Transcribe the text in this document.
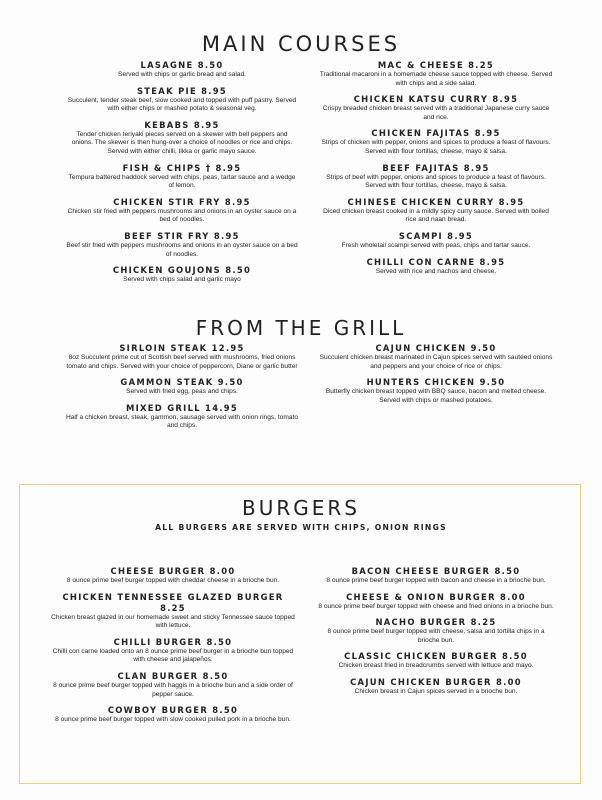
MAIN COURSES
LASAGNE 8.50
Served with chips or garlic bread and salad.
STEAK PIE 8.95
Succulent, tender steak beef, slow cooked and topped with puff pastry. Served with either chips or mashed potato & seasonal veg.
KEBABS 8.95
Tender chicken teriyaki pieces served on a skewer with bell peppers and onions. The skewer is then hung-over a choice of noodles or rice and chips. Served with either chilli, tikka or garlic mayo sauce.
FISH & CHIPS † 8.95
Tempura battered haddock served with chips, peas, tartar sauce and a wedge of lemon.
CHICKEN STIR FRY 8.95
Chicken stir fried with peppers mushrooms and onions in an oyster sauce on a bed of noodles.
BEEF STIR FRY 8.95
Beef stir fried with peppers mushrooms and onions in an oyster sauce on a bed of noodles.
CHICKEN GOUJONS 8.50
Served with chips salad and garlic mayo
MAC & CHEESE 8.25
Traditional macaroni in a homemade cheese sauce topped with cheese. Served with chips and a side salad.
CHICKEN KATSU CURRY 8.95
Crispy breaded chicken breast served with a traditional Japanese curry sauce and rice.
CHICKEN FAJITAS 8.95
Strips of chicken with pepper, onions and spices to produce a feast of flavours. Served with flour tortillas, cheese, mayo & salsa.
BEEF FAJITAS 8.95
Strips of beef with pepper, onions and spices to produce a feast of flavours. Served with flour tortillas, cheese, mayo & salsa.
CHINESE CHICKEN CURRY 8.95
Diced chicken breast cooked in a mildly spicy curry sauce. Served with boiled rice and naan bread.
SCAMPI 8.95
Fresh wholetail scampi served with peas, chips and tartar sauce.
CHILLI CON CARNE 8.95
Served with rice and nachos and cheese.
FROM THE GRILL
SIRLOIN STEAK 12.95
8oz Succulent prime cut of Scottish beef served with mushrooms, fried onions tomato and chips. Served with your choice of peppercorn, Diane or garlic butter
GAMMON STEAK 9.50
Served with fried egg, peas and chips.
MIXED GRILL 14.95
Half a chicken breast, steak, gammon, sausage served with onion rings, tomato and chips.
CAJUN CHICKEN 9.50
Succulent chicken breast marinated in Cajun spices served with sautéed onions and peppers and your choice of rice or chips.
HUNTERS CHICKEN 9.50
Butterfly chicken breast topped with BBQ sauce, bacon and melted cheese. Served with chips or mashed potatoes.
BURGERS
ALL BURGERS ARE SERVED WITH CHIPS, ONION RINGS
CHEESE BURGER 8.00
8 ounce prime beef burger topped with cheddar cheese in a brioche bun.
CHICKEN TENNESSEE GLAZED BURGER 8.25
Chicken breast glazed in our homemade sweet and sticky Tennessee sauce topped with lettuce.
CHILLI BURGER 8.50
Chilli con carne loaded onto an 8 ounce prime beef burger in a brioche bun topped with cheese and jalapeños.
CLAN BURGER 8.50
8 ounce prime beef burger topped with haggis in a brioche bun and a side order of pepper sauce.
COWBOY BURGER 8.50
8 ounce prime beef burger topped with slow cooked pulled pork in a brioche bun.
BACON CHEESE BURGER 8.50
8 ounce prime beef burger topped with bacon and cheese in a brioche bun.
CHEESE & ONION BURGER 8.00
8 ounce prime beef burger topped with cheese and fried onions in a brioche bun.
NACHO BURGER 8.25
8 ounce prime beef burger topped with cheese, salsa and tortilla chips in a brioche bun.
CLASSIC CHICKEN BURGER 8.50
Chicken breast fried in breadcrumbs served with lettuce and mayo.
CAJUN CHICKEN BURGER 8.00
Chicken breast in Cajun spices served in a brioche bun.
